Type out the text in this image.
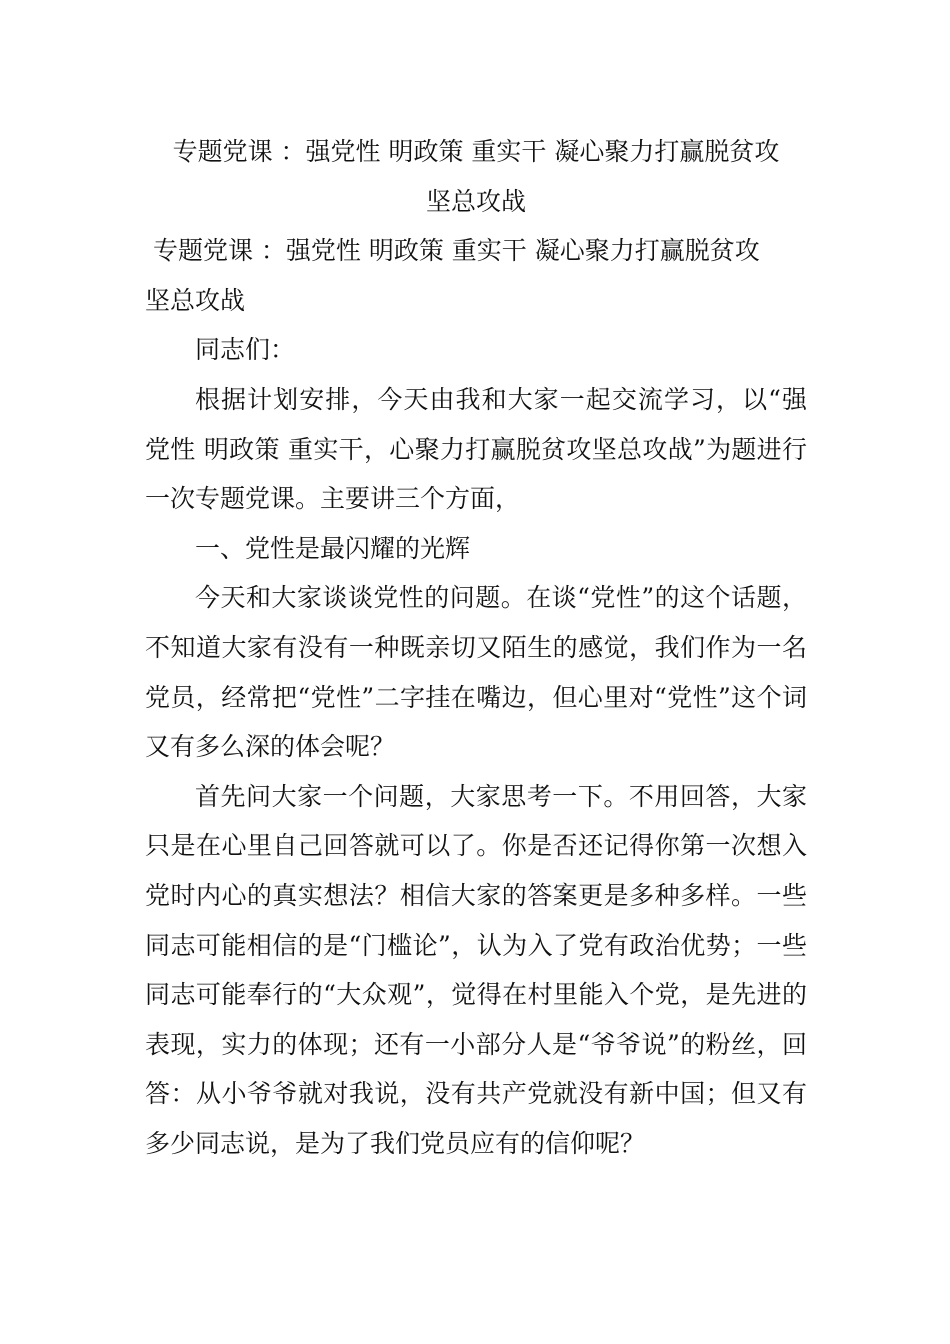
专题党课 ：强党性 明政策 重实干 凝心聚力打赢脱贫攻
坚总攻战
专题党课 ：强党性 明政策 重实干 凝心聚力打赢脱贫攻
坚总攻战

同志们：

根据计划安排，今天由我和大家一起交流学习，以“强党性 明政策 重实干，心聚力打赢脱贫攻坚总攻战”为题进行一次专题党课。主要讲三个方面，

一、党性是最闪耀的光辉

今天和大家谈谈党性的问题。在谈“党性”的这个话题，不知道大家有没有一种既亲切又陌生的感觉，我们作为一名党员，经常把“党性”二字挂在嘴边，但心里对“党性”这个词又有多么深的体会呢？

首先问大家一个问题，大家思考一下。不用回答，大家只是在心里自己回答就可以了。你是否还记得你第一次想入党时内心的真实想法？相信大家的答案更是多种多样。一些同志可能相信的是“门槛论”，认为入了党有政治优势；一些同志可能奉行的“大众观”，觉得在村里能入个党，是先进的表现，实力的体现；还有一小部分人是“爷爷说”的粉丝，回答：从小爷爷就对我说，没有共产党就没有新中国；但又有多少同志说，是为了我们党员应有的信仰呢？
